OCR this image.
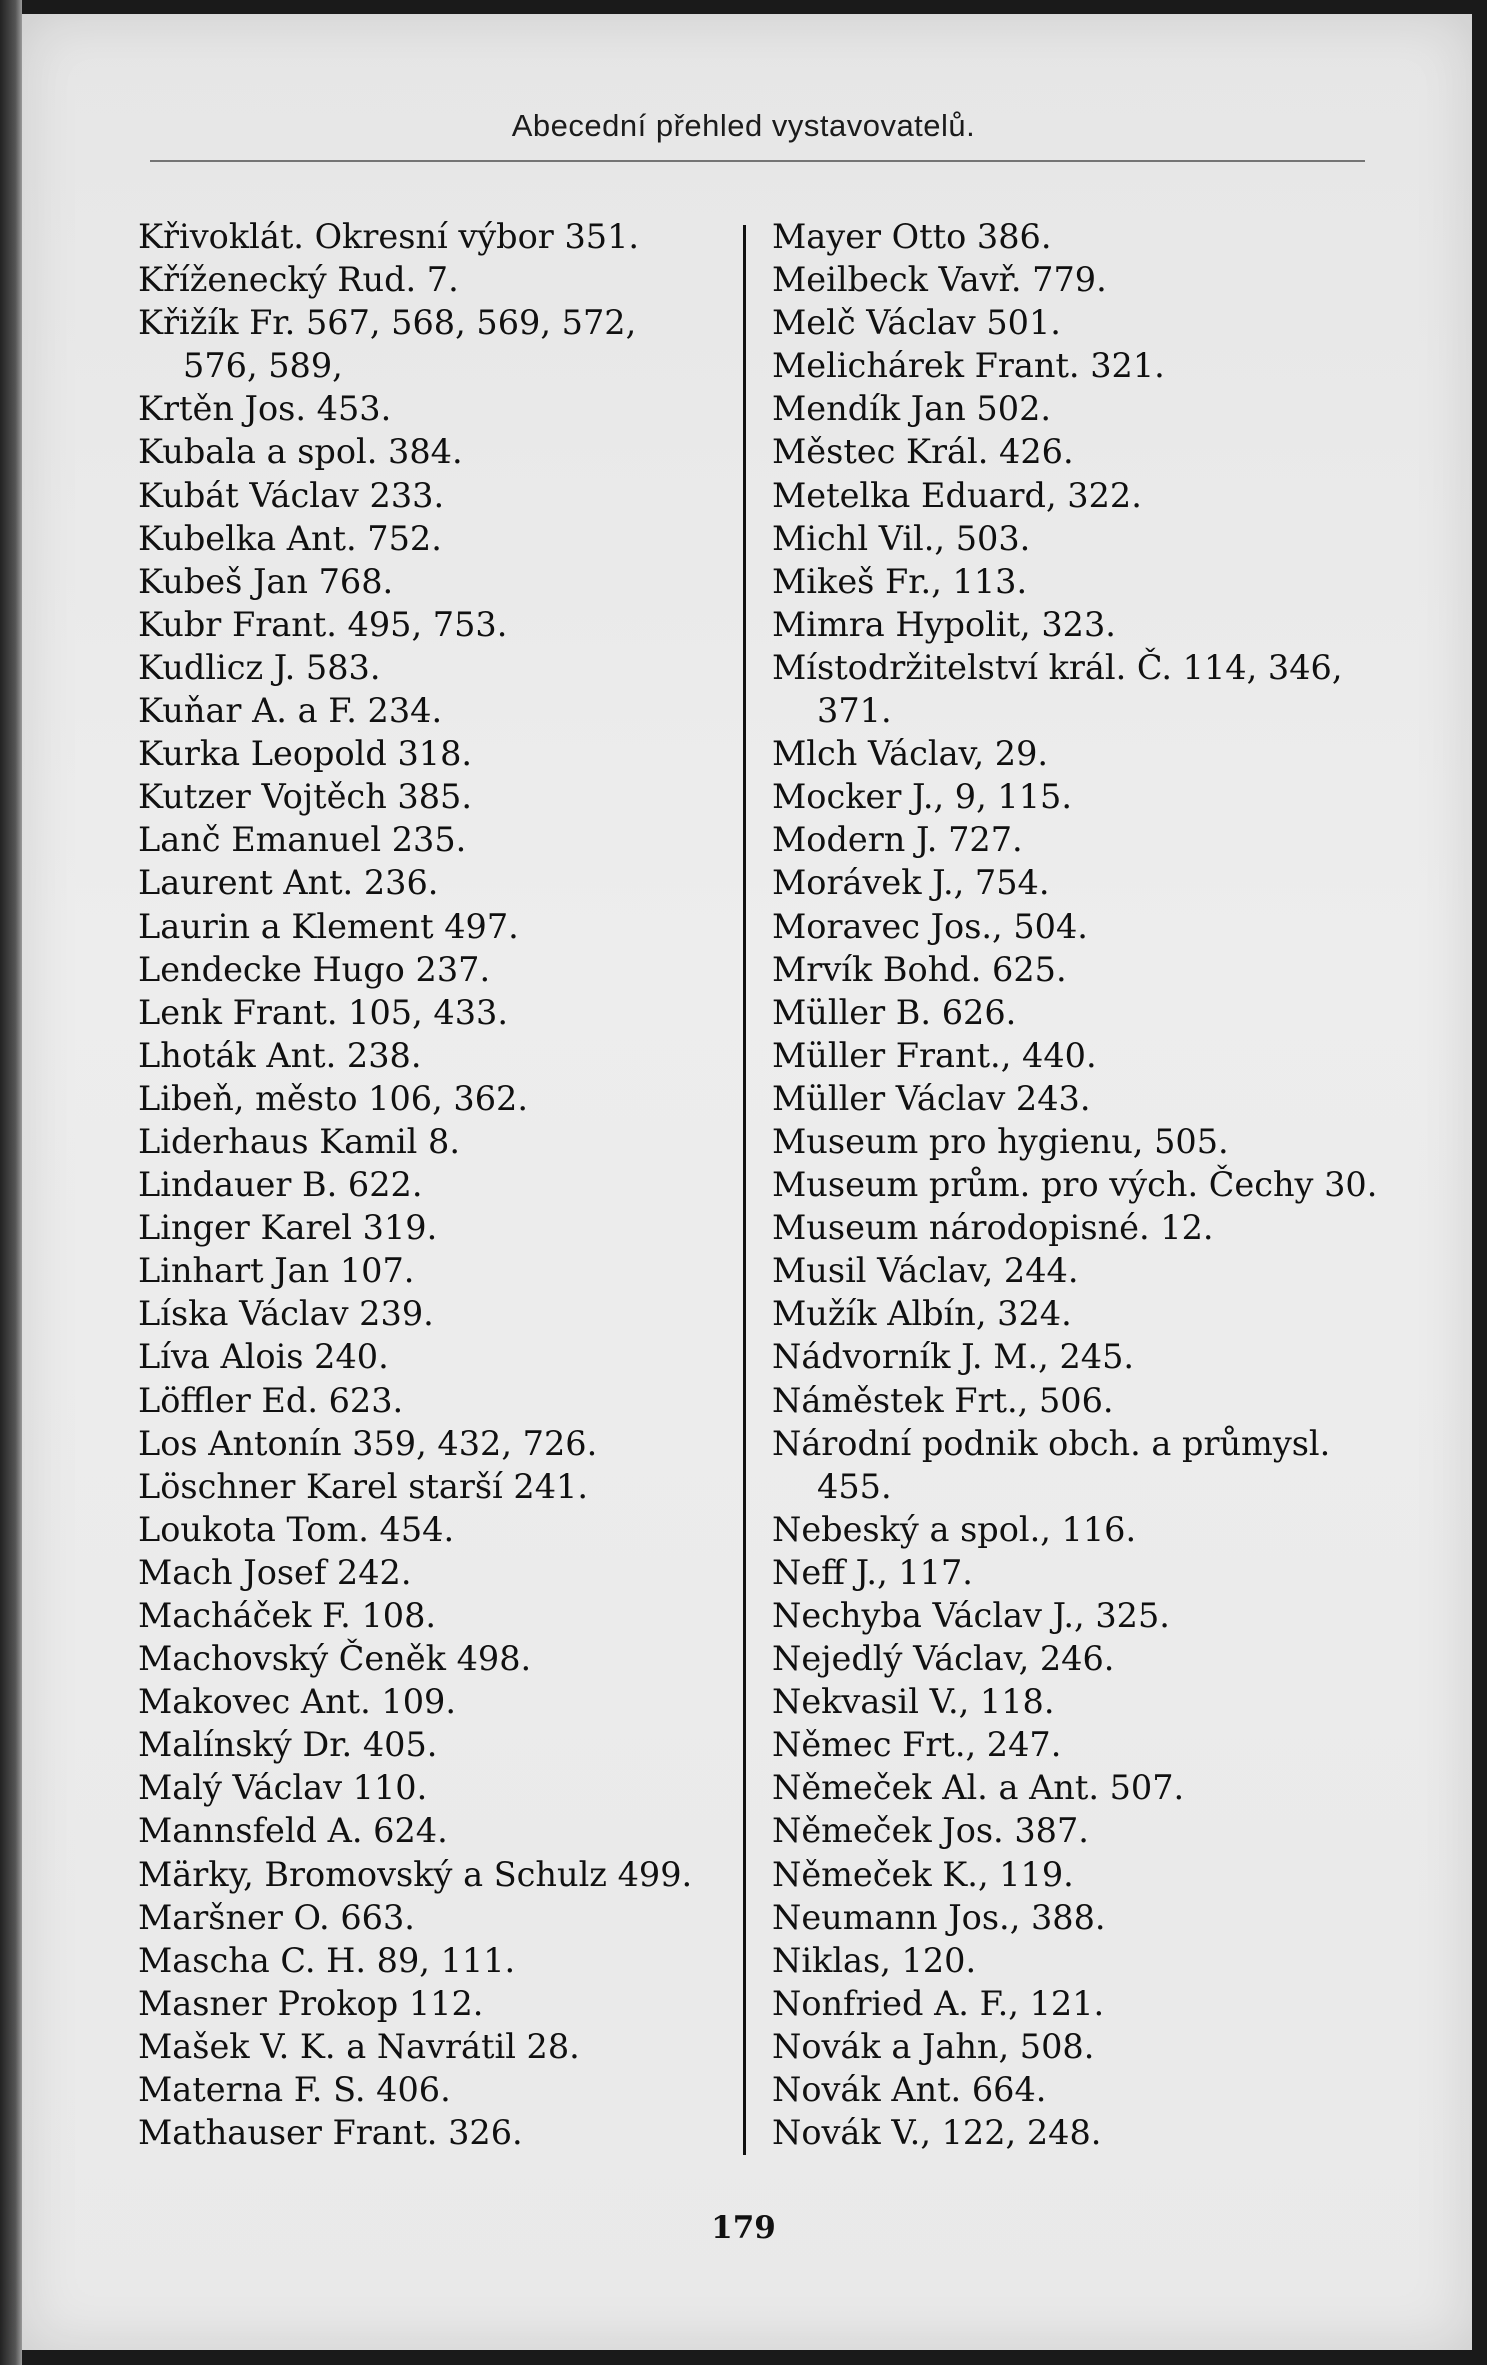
Abecední přehled vystavovatelů.
Křivoklát. Okresní výbor 351.
Kříženecký Rud. 7.
Křižík Fr. 567, 568, 569, 572,
576, 589,
Krtěn Jos. 453.
Kubala a spol. 384.
Kubát Václav 233.
Kubelka Ant. 752.
Kubeš Jan 768.
Kubr Frant. 495, 753.
Kudlicz J. 583.
Kuňar A. a F. 234.
Kurka Leopold 318.
Kutzer Vojtěch 385.
Lanč Emanuel 235.
Laurent Ant. 236.
Laurin a Klement 497.
Lendecke Hugo 237.
Lenk Frant. 105, 433.
Lhoták Ant. 238.
Libeň, město 106, 362.
Liderhaus Kamil 8.
Lindauer B. 622.
Linger Karel 319.
Linhart Jan 107.
Líska Václav 239.
Líva Alois 240.
Löffler Ed. 623.
Los Antonín 359, 432, 726.
Löschner Karel starší 241.
Loukota Tom. 454.
Mach Josef 242.
Macháček F. 108.
Machovský Čeněk 498.
Makovec Ant. 109.
Malínský Dr. 405.
Malý Václav 110.
Mannsfeld A. 624.
Märky, Bromovský a Schulz 499.
Maršner O. 663.
Mascha C. H. 89, 111.
Masner Prokop 112.
Mašek V. K. a Navrátil 28.
Materna F. S. 406.
Mathauser Frant. 326.
Mayer Otto 386.
Meilbeck Vavř. 779.
Melč Václav 501.
Melichárek Frant. 321.
Mendík Jan 502.
Městec Král. 426.
Metelka Eduard, 322.
Michl Vil., 503.
Mikeš Fr., 113.
Mimra Hypolit, 323.
Místodržitelství král. Č. 114, 346,
371.
Mlch Václav, 29.
Mocker J., 9, 115.
Modern J. 727.
Morávek J., 754.
Moravec Jos., 504.
Mrvík Bohd. 625.
Müller B. 626.
Müller Frant., 440.
Müller Václav 243.
Museum pro hygienu, 505.
Museum prům. pro vých. Čechy 30.
Museum národopisné. 12.
Musil Václav, 244.
Mužík Albín, 324.
Nádvorník J. M., 245.
Náměstek Frt., 506.
Národní podnik obch. a průmysl.
455.
Nebeský a spol., 116.
Neff J., 117.
Nechyba Václav J., 325.
Nejedlý Václav, 246.
Nekvasil V., 118.
Němec Frt., 247.
Němeček Al. a Ant. 507.
Němeček Jos. 387.
Němeček K., 119.
Neumann Jos., 388.
Niklas, 120.
Nonfried A. F., 121.
Novák a Jahn, 508.
Novák Ant. 664.
Novák V., 122, 248.
179
